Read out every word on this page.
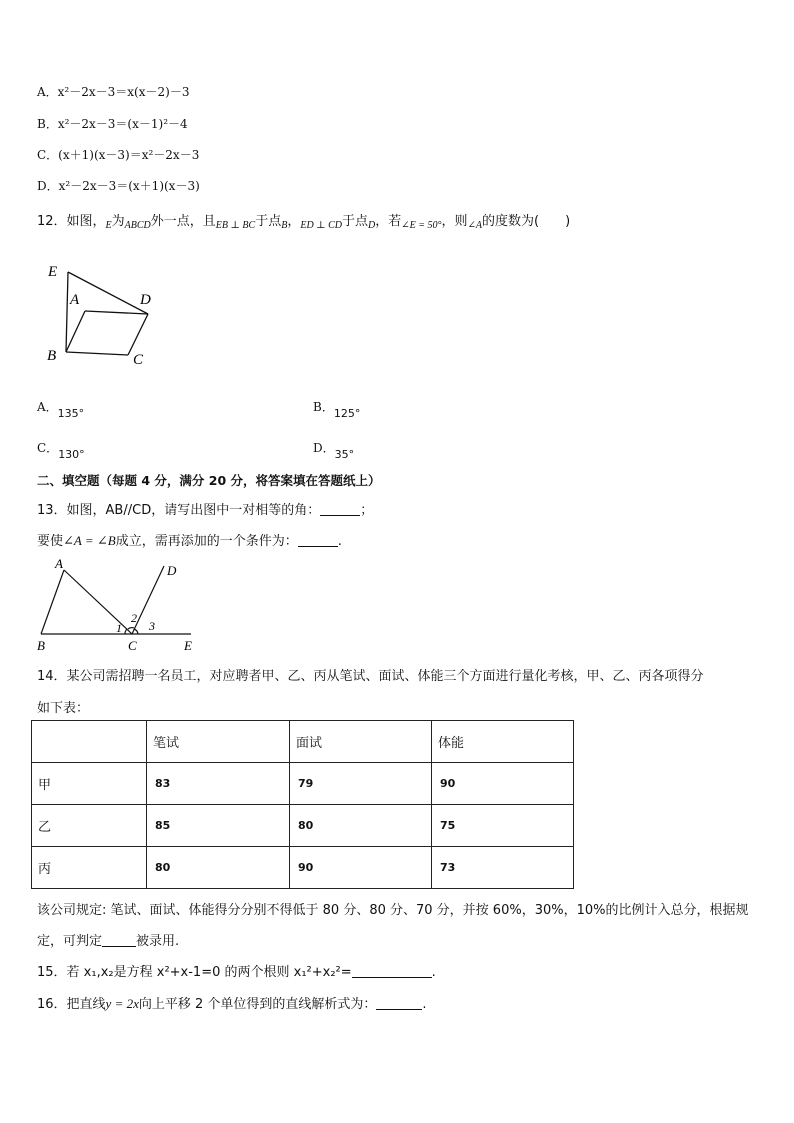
A．x²－2x－3＝x(x－2)－3
B．x²－2x－3＝(x－1)²－4
C．(x＋1)(x－3)＝x²－2x－3
D．x²－2x－3＝(x＋1)(x－3)
12．如图，$_E$为$_{ABCD}$外一点，且$_{EB \perp BC}$于点$_B$，$_{ED \perp CD}$于点$_D$，若$_{\angle E = 50^\circ}$，则$_{\angle A}$的度数为(　　)
E
A	D
B	C
A．135°	B．125°
C．130°	D．35°
二、填空题（每题 4 分，满分 20 分，将答案填在答题纸上）
13．如图，AB//CD，请写出图中一对相等的角：	；
要使∠A = ∠B成立，需再添加的一个条件为：	.
A	D
B	C	E
1
2
3
14．某公司需招聘一名员工，对应聘者甲、乙、丙从笔试、面试、体能三个方面进行量化考核，甲、乙、丙各项得分
如下表：
	笔试	面试	体能
甲	83	79	90
乙	85	80	75
丙	80	90	73
该公司规定: 笔试、面试、体能得分分别不得低于 80 分、80 分、70 分，并按 60%，30%，10%的比例计入总分，根据规
定，可判定	被录用.
15．若 x₁,x₂是方程 x²+x-1=0 的两个根则 x₁²+x₂²=	.
16．把直线y = 2x向上平移 2 个单位得到的直线解析式为：	.
